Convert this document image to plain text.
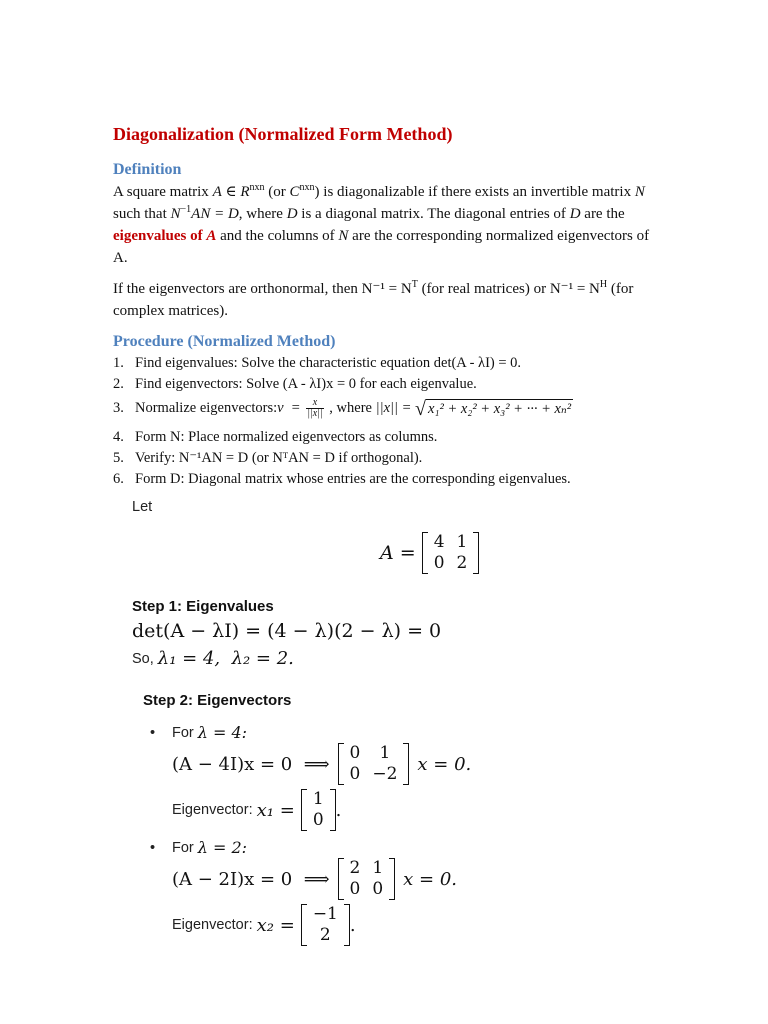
Diagonalization (Normalized Form Method)
Definition
A square matrix A ∈ $R^{nxn}$ (or $C^{nxn}$) is diagonalizable if there exists an invertible matrix N such that $N^{-1}AN = D$, where D is a diagonal matrix. The diagonal entries of D are the eigenvalues of A and the columns of N are the corresponding normalized eigenvectors of A.
If the eigenvectors are orthonormal, then $N^{-1} = N^T$ (for real matrices) or $N^{-1} = N^H$ (for complex matrices).
Procedure (Normalized Method)
1. Find eigenvalues: Solve the characteristic equation det(A - λI) = 0.
2. Find eigenvectors: Solve (A - λI)x = 0 for each eigenvalue.
3. Normalize eigenvectors: $v = \frac{x}{||x||}$ , where ||x|| = √ x₁² + x₂² + x₃² + ··· + xₙ²
4. Form N: Place normalized eigenvectors as columns.
5. Verify: N⁻¹AN = D (or NᵀAN = D if orthogonal).
6. Form D: Diagonal matrix whose entries are the corresponding eigenvalues.
Let
A = 4	1
0	2
Step 1: Eigenvalues
det(A − λI) = (4 − λ)(2 − λ) = 0
So, λ₁ = 4,  λ₂ = 2.
Step 2: Eigenvectors
•	For λ = 4:
(A − 4I)x = 0  ⟹
0	1
0	−2 x = 0.
Eigenvector: x₁ =
1
0 .
•	For λ = 2:
(A − 2I)x = 0  ⟹
2	1
0	0 x = 0.
Eigenvector: x₂ =
−1
2 .
